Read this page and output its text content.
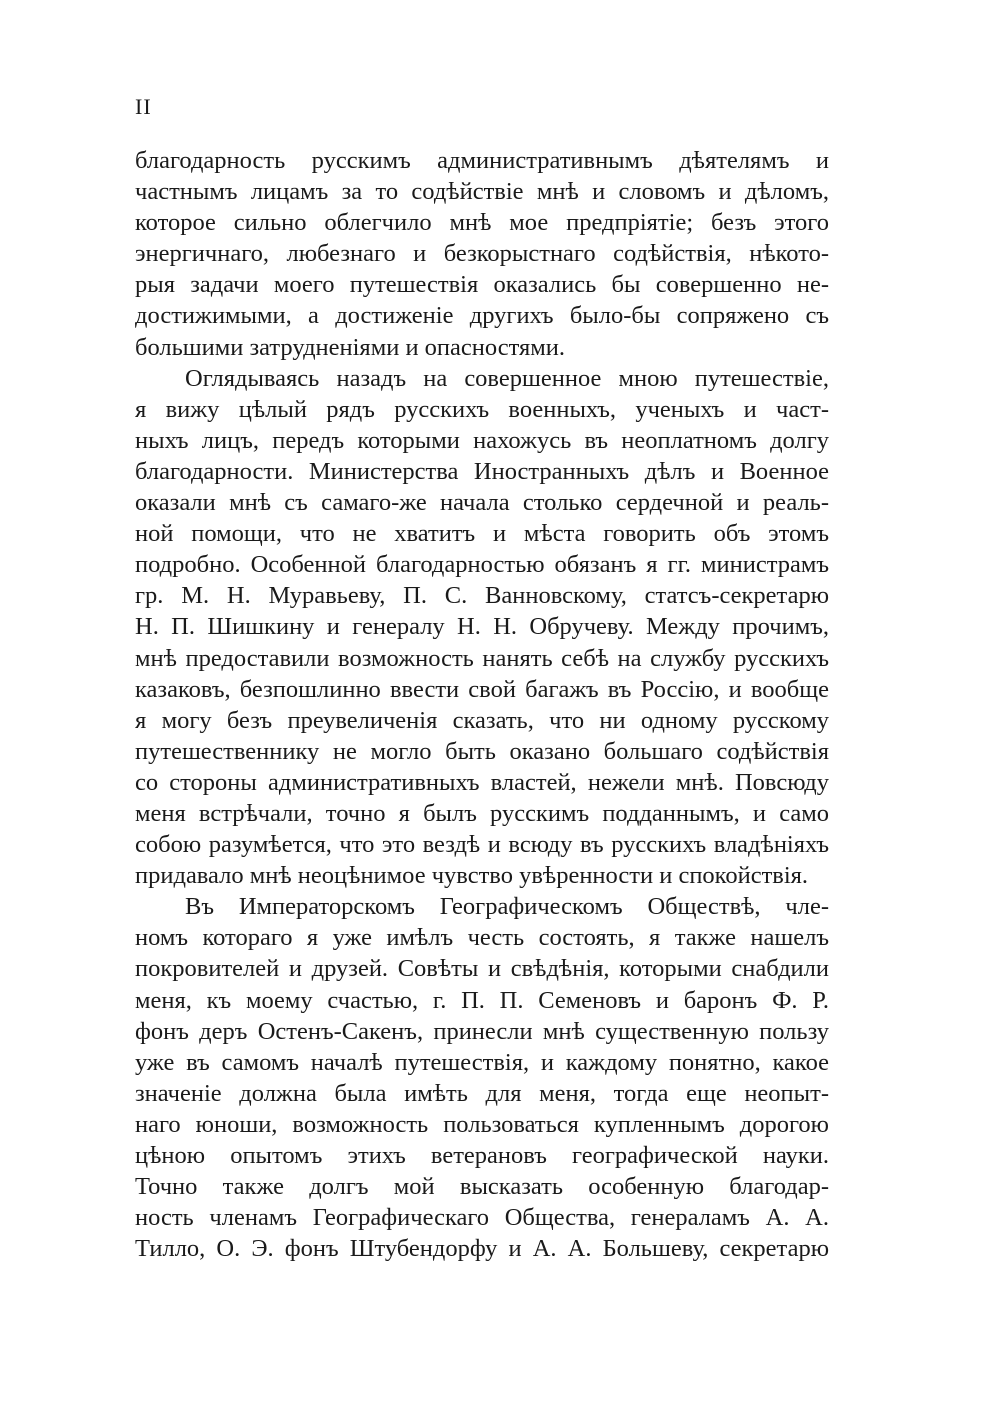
II
благодарность русскимъ административнымъ дѣятелямъ и
частнымъ лицамъ за то содѣйствіе мнѣ и словомъ и дѣломъ,
которое сильно облегчило мнѣ мое предпріятіе; безъ этого
энергичнаго, любезнаго и безкорыстнаго содѣйствія, нѣкото-
рыя задачи моего путешествія оказались бы совершенно не-
достижимыми, а достиженіе другихъ было-бы сопряжено съ
большими затрудненіями и опасностями.
Оглядываясь назадъ на совершенное мною путешествіе,
я вижу цѣлый рядъ русскихъ военныхъ, ученыхъ и част-
ныхъ лицъ, передъ которыми нахожусь въ неоплатномъ долгу
благодарности. Министерства Иностранныхъ дѣлъ и Военное
оказали мнѣ съ самаго-же начала столько сердечной и реаль-
ной помощи, что не хватитъ и мѣста говорить объ этомъ
подробно. Особенной благодарностью обязанъ я гг. министрамъ
гр. М. Н. Муравьеву, П. С. Ванновскому, статсъ-секретарю
Н. П. Шишкину и генералу Н. Н. Обручеву. Между прочимъ,
мнѣ предоставили возможность нанять себѣ на службу русскихъ
казаковъ, безпошлинно ввести свой багажъ въ Россію, и вообще
я могу безъ преувеличенія сказать, что ни одному русскому
путешественнику не могло быть оказано большаго содѣйствія
со стороны административныхъ властей, нежели мнѣ. Повсюду
меня встрѣчали, точно я былъ русскимъ подданнымъ, и само
собою разумѣется, что это вездѣ и всюду въ русскихъ владѣніяхъ
придавало мнѣ неоцѣнимое чувство увѣренности и спокойствія.
Въ Императорскомъ Географическомъ Обществѣ, чле-
номъ котораго я уже имѣлъ честь состоять, я также нашелъ
покровителей и друзей. Совѣты и свѣдѣнія, которыми снабдили
меня, къ моему счастью, г. П. П. Семеновъ и баронъ Ф. Р.
фонъ деръ Остенъ-Сакенъ, принесли мнѣ существенную пользу
уже въ самомъ началѣ путешествія, и каждому понятно, какое
значеніе должна была имѣть для меня, тогда еще неопыт-
наго юноши, возможность пользоваться купленнымъ дорогою
цѣною опытомъ этихъ ветерановъ географической науки.
Точно также долгъ мой высказать особенную благодар-
ность членамъ Географическаго Общества, генераламъ А. А.
Тилло, О. Э. фонъ Штубендорфу и А. А. Большеву, секретарю
